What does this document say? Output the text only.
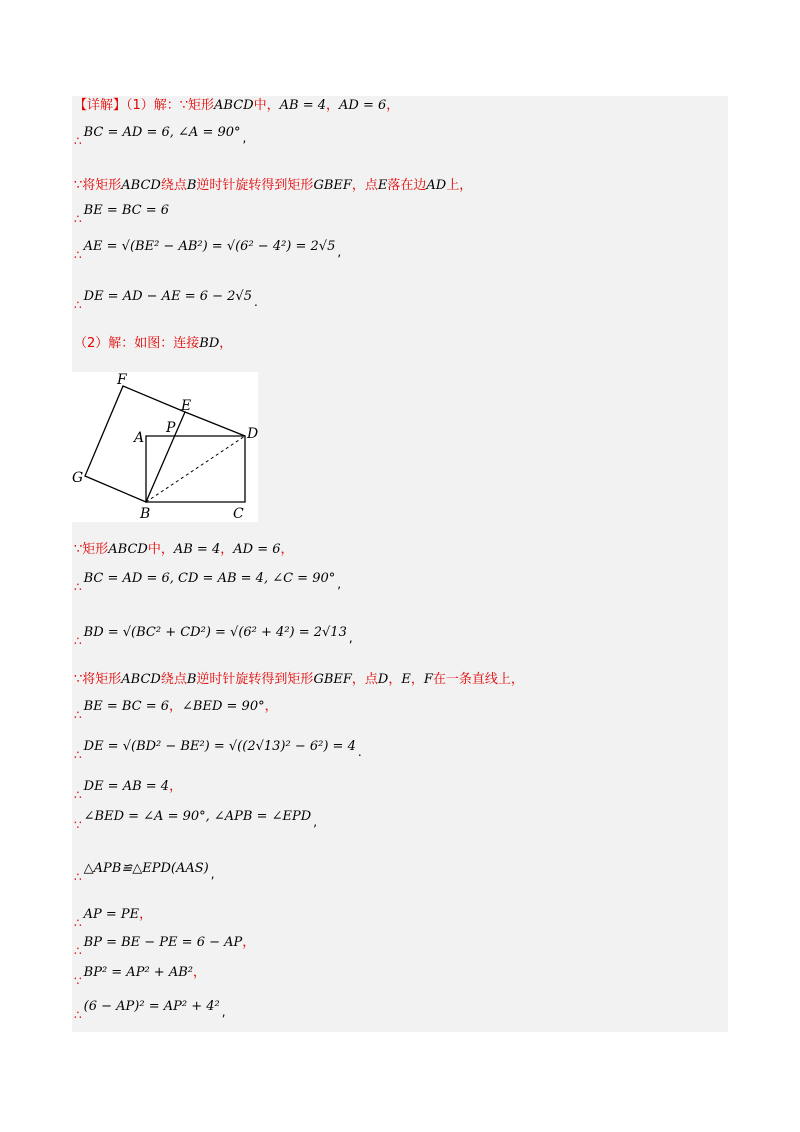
【详解】（1）解：∵矩形ABCD中，AB = 4，AD = 6，
∴BC = AD = 6, ∠A = 90° ,
∵将矩形ABCD绕点B逆时针旋转得到矩形GBEF，点E落在边AD上，
∴BE = BC = 6
∴AE = √(BE² − AB²) = √(6² − 4²) = 2√5 ,
∴DE = AD − AE = 6 − 2√5 .
（2）解：如图：连接BD，
F
E
P
A	D
G
B	C
∵矩形ABCD中，AB = 4，AD = 6，
∴BC = AD = 6, CD = AB = 4, ∠C = 90° ,
∴BD = √(BC² + CD²) = √(6² + 4²) = 2√13 ,
∵将矩形ABCD绕点B逆时针旋转得到矩形GBEF，点D，E，F在一条直线上，
∴BE = BC = 6，∠BED = 90°，
∴DE = √(BD² − BE²) = √((2√13)² − 6²) = 4 .
∴DE = AB = 4，
∵∠BED = ∠A = 90°, ∠APB = ∠EPD ,
∴△APB≌△EPD(AAS) ,
∴AP = PE，
∴BP = BE − PE = 6 − AP，
∵BP² = AP² + AB²，
∴(6 − AP)² = AP² + 4² ,
